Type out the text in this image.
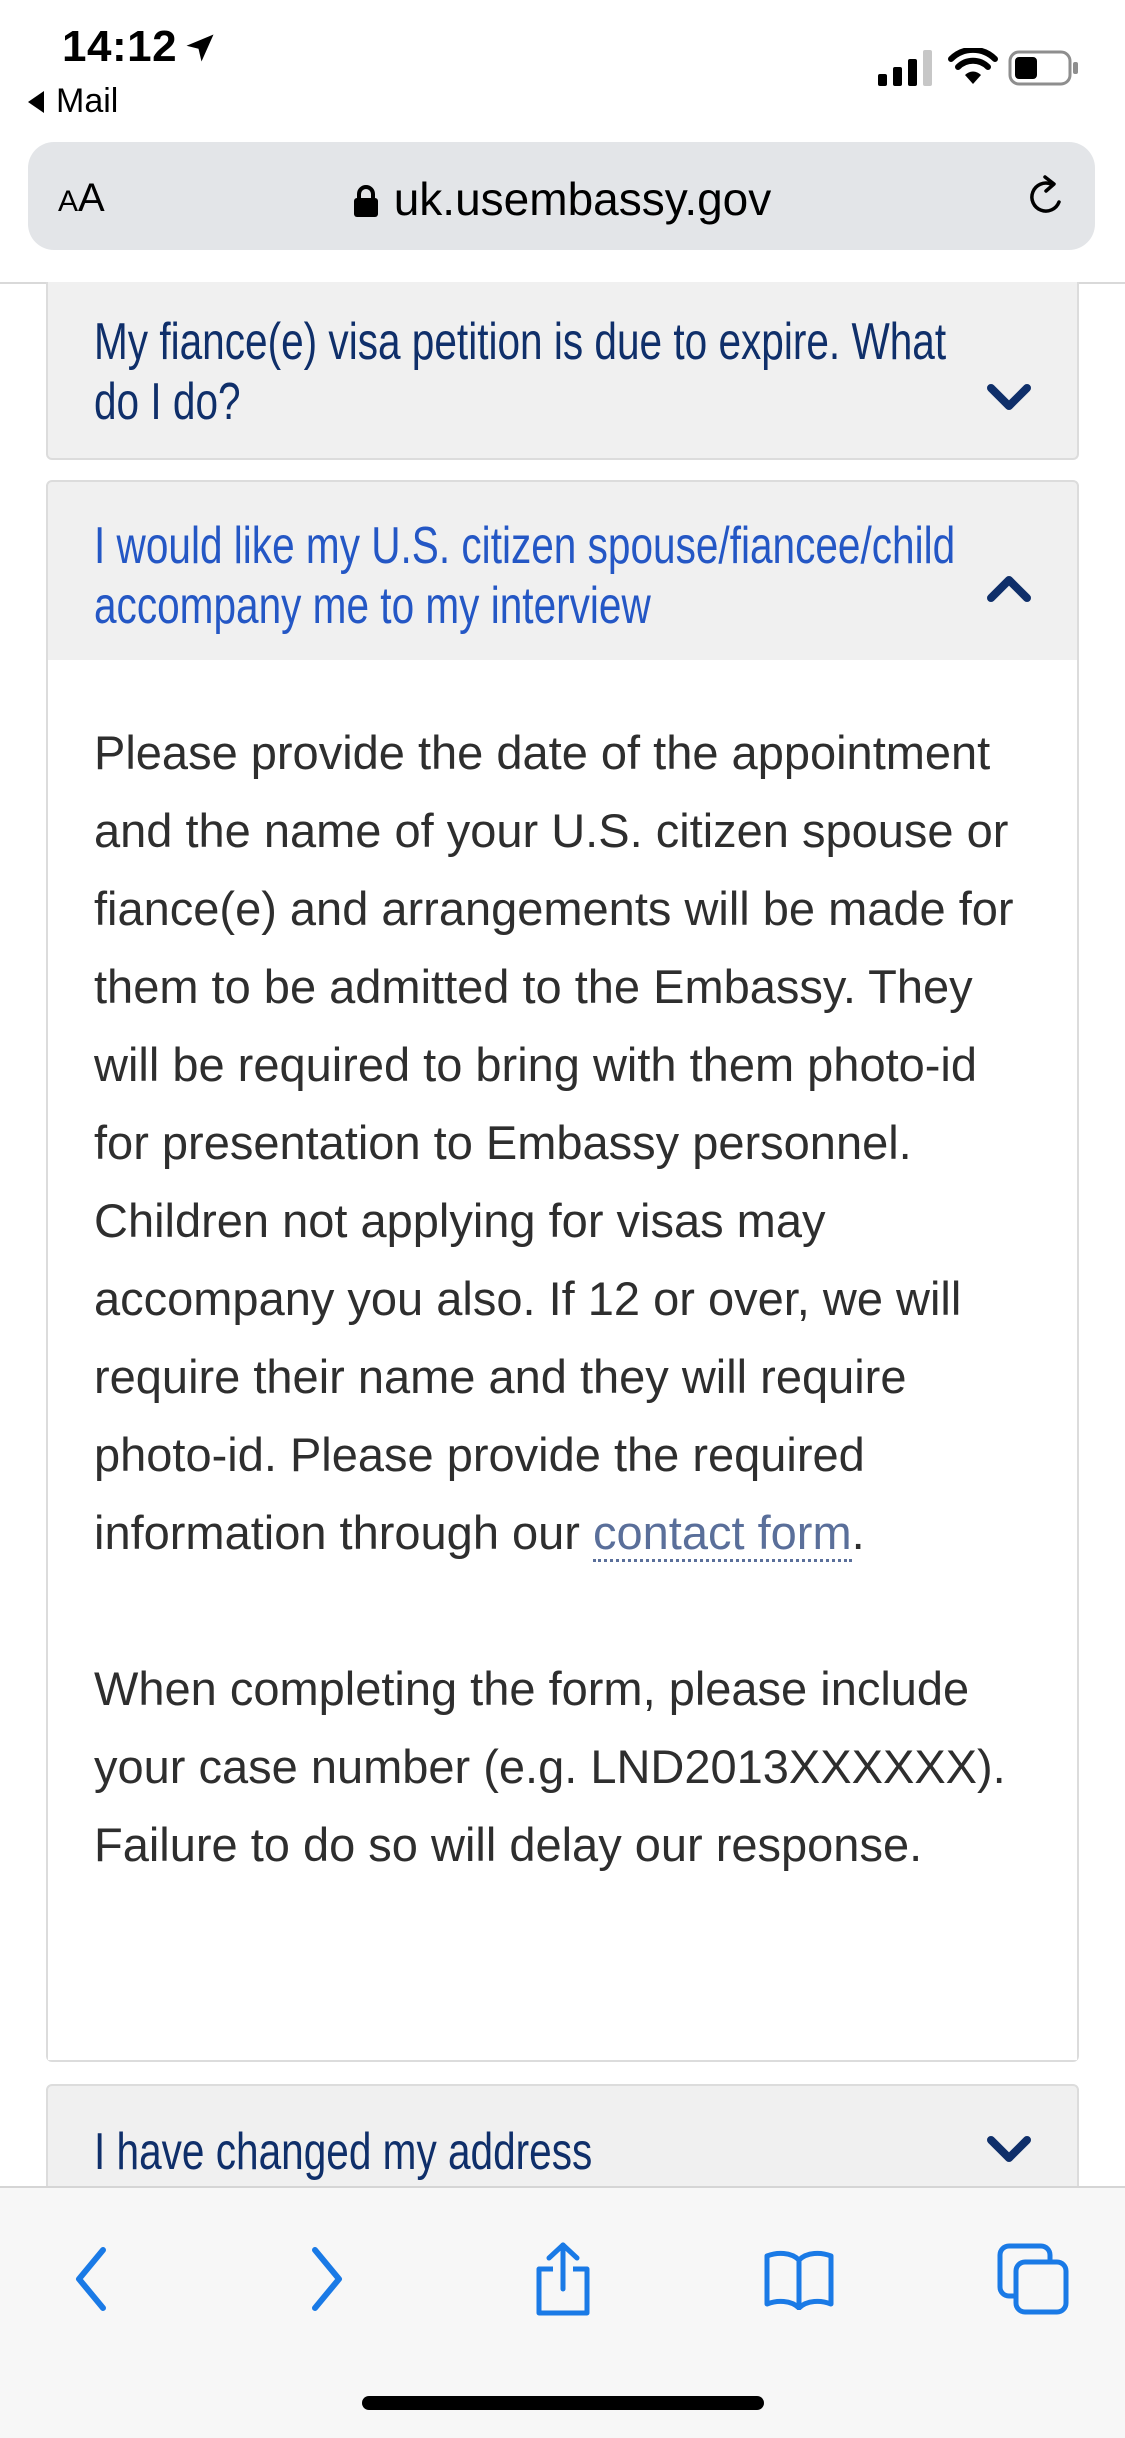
14:12
Mail
AA	uk.usembassy.gov
My fiance(e) visa petition is due to expire. What do I do?
I would like my U.S. citizen spouse/fiancee/child accompany me to my interview

Please provide the date of the appointment and the name of your U.S. citizen spouse or fiance(e) and arrangements will be made for them to be admitted to the Embassy. They will be required to bring with them photo-id for presentation to Embassy personnel. Children not applying for visas may accompany you also. If 12 or over, we will require their name and they will require photo-id. Please provide the required information through our contact form.

When completing the form, please include your case number (e.g. LND2013XXXXXX). Failure to do so will delay our response.

I have changed my address
